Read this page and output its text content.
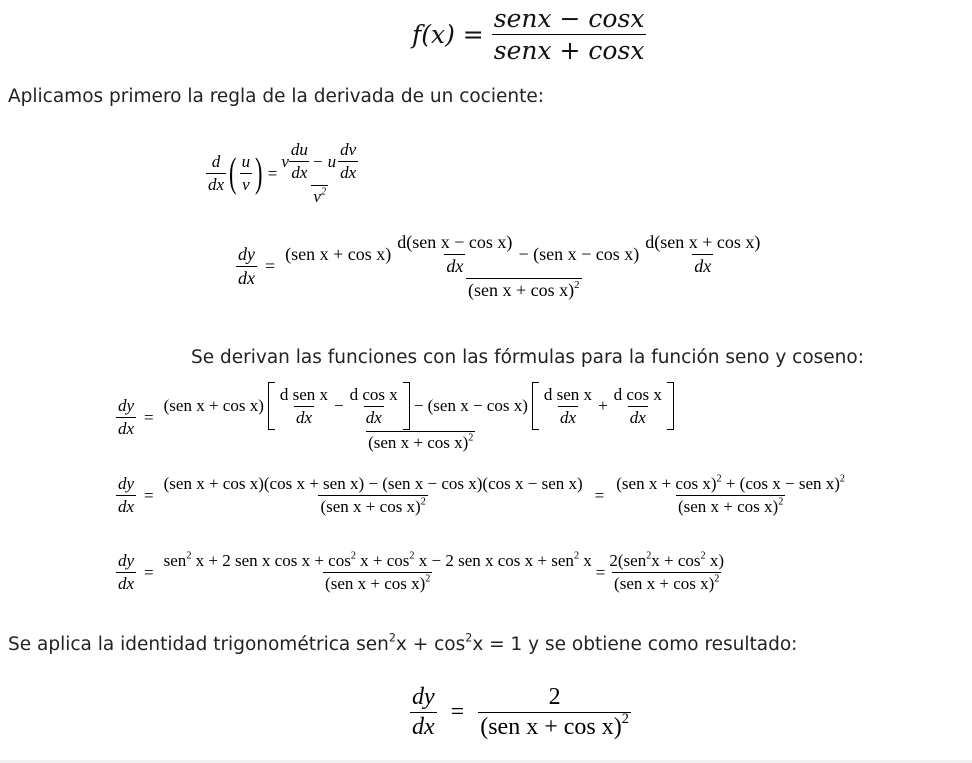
$f(x) = \frac{\text{senx − cosx}}{\text{senx + cosx}}$
Aplicamos primero la regla de la derivada de un cociente:
$\frac{d}{dx}$ ( $\frac{u}{v}$ ) =
v $\frac{du}{dx} - u \frac{dv}{dx}$
$v^2$
$\frac{dy}{dx}$ =
(sen $x + \cos x) \frac{\text{d(sen x − cos x)}}{dx} - (sen$ $x - \cos x) \frac{\text{d(sen x + cos x)}}{dx}$
(sen x + cos x)$^2$
Se derivan las funciones con las fórmulas para la función seno y coseno:
$\frac{dy}{dx}$ =
(sen $x + \cos x) \frac{\text{d sen x}}{dx} - \frac{\text{d cos x}}{dx} - (sen$ $x - \cos x) \frac{\text{d sen x}}{dx} + \frac{\text{d cos x}}{dx}$
(sen x + cos x)$^2$
$\frac{dy}{dx}$ =
(sen x + cos x)(cos x + sen x) − (sen x − cos x)(cos x − sen x)
(sen x + cos x)$^2$	= $\frac{(sen x + \cos x)^2 + (\cos x - sen x)^2}{(sen x + \cos x)^2}$
$\frac{dy}{dx}$ =
sen$^2$ x + 2 sen x $\cos x + \cos^2 x + \cos^2 x - 2$ sen x cos x + sen$^2$ x
(sen x + cos x)$^2$	= $\frac{2(sen^2x + \cos^2 x)}{(sen x + \cos x)^2}$
Se aplica la identidad trigonométrica $sen^2x + \cos^2x = 1$ y se obtiene como resultado:
$\frac{dy}{dx} = \frac{2}{(sen x + \cos x)^2}$
